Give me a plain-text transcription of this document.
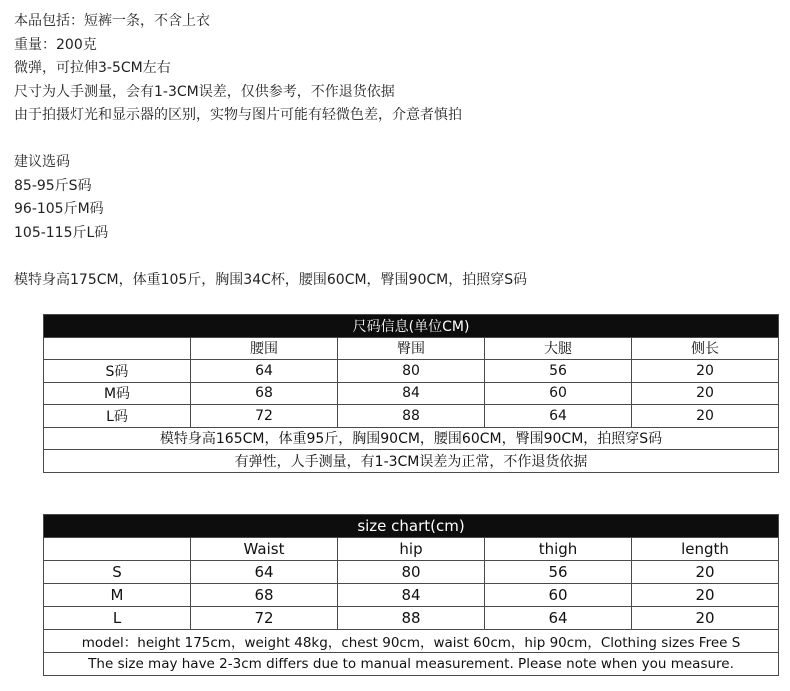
本品包括：短裤一条，不含上衣
重量：200克
微弹，可拉伸3-5CM左右
尺寸为人手测量，会有1-3CM误差，仅供参考，不作退货依据
由于拍摄灯光和显示器的区别，实物与图片可能有轻微色差，介意者慎拍
建议选码
85-95斤S码
96-105斤M码
105-115斤L码
模特身高175CM，体重105斤，胸围34C杯，腰围60CM，臀围90CM，拍照穿S码
尺码信息(单位CM)				
	腰围	臀围	大腿	侧长
S码	64	80	56	20
M码	68	84	60	20
L码	72	88	64	20
模特身高165CM，体重95斤，胸围90CM，腰围60CM，臀围90CM，拍照穿S码				
有弹性，人手测量，有1-3CM误差为正常，不作退货依据				
size chart(cm)				
	Waist	hip	thigh	length
S	64	80	56	20
M	68	84	60	20
L	72	88	64	20
model：height 175cm，weight 48kg，chest 90cm，waist 60cm，hip 90cm，Clothing sizes Free S				
The size may have 2-3cm differs due to manual measurement. Please note when you measure.				
